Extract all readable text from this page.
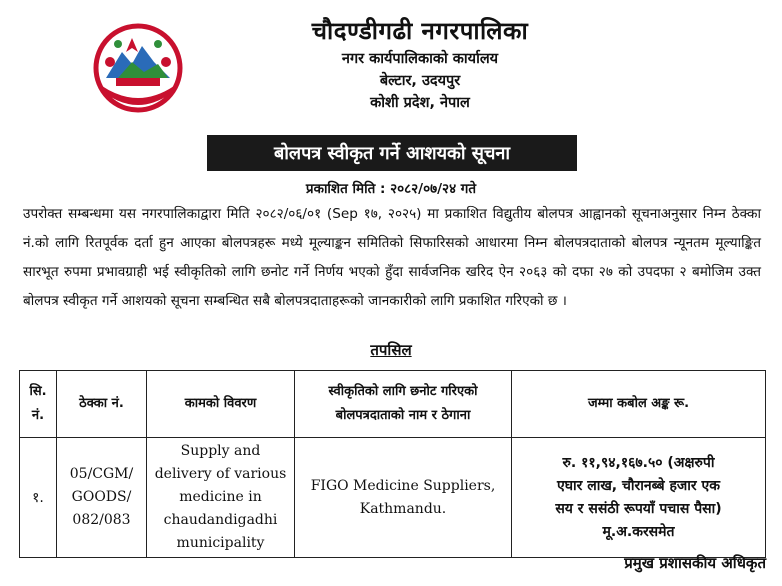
चौदण्डीगढी नगरपालिका
नगर कार्यपालिकाको कार्यालय
बेल्टार, उदयपुर
कोशी प्रदेश, नेपाल
बोलपत्र स्वीकृत गर्ने आशयको सूचना
प्रकाशित मिति : २०८२/०७/२४ गते
उपरोक्त सम्बन्धमा यस नगरपालिकाद्वारा मिति २०८२/०६/०१ (Sep १७, २०२५) मा प्रकाशित विद्युतीय बोलपत्र आह्वानको सूचनाअनुसार निम्न ठेक्का नं.को लागि रितपूर्वक दर्ता हुन आएका बोलपत्रहरू मध्ये मूल्याङ्कन समितिको सिफारिसको आधारमा निम्न बोलपत्रदाताको बोलपत्र न्यूनतम मूल्याङ्कित सारभूत रुपमा प्रभावग्राही भई स्वीकृतिको लागि छनोट गर्ने निर्णय भएको हुँदा सार्वजनिक खरिद ऐन २०६३ को दफा २७ को उपदफा २ बमोजिम उक्त बोलपत्र स्वीकृत गर्ने आशयको सूचना सम्बन्धित सबै बोलपत्रदाताहरूको जानकारीको लागि प्रकाशित गरिएको छ ।
तपसिल
सि. नं.	ठेक्का नं.	कामको विवरण	स्वीकृतिको लागि छनोट गरिएको बोलपत्रदाताको नाम र ठेगाना	जम्मा कबोल अङ्क रू.
१.	05/CGM/ GOODS/ 082/083	Supply and delivery of various medicine in chaudandigadhi municipality	FIGO Medicine Suppliers, Kathmandu.	रु. ११,९४,१६७.५० (अक्षरुपी
एघार लाख, चौरानब्बे हजार एक
सय र ससंठी रूपयाँ पचास पैसा)
मू.अ.करसमेत
प्रमुख प्रशासकीय अधिकृत
